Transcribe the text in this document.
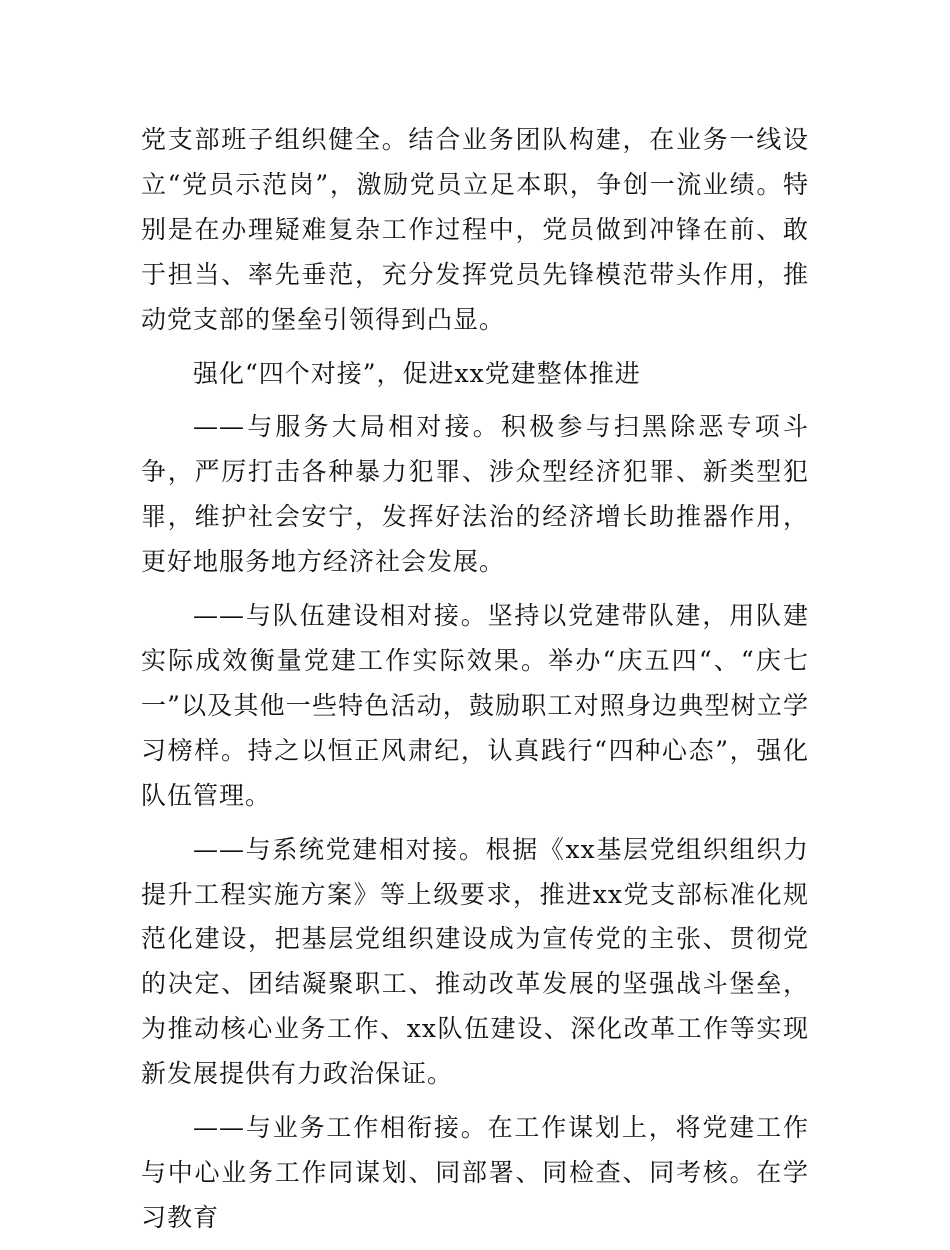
党支部班子组织健全。结合业务团队构建，在业务一线设立“党员示范岗”，激励党员立足本职，争创一流业绩。特别是在办理疑难复杂工作过程中，党员做到冲锋在前、敢于担当、率先垂范，充分发挥党员先锋模范带头作用，推动党支部的堡垒引领得到凸显。

强化“四个对接”，促进xx党建整体推进

——与服务大局相对接。积极参与扫黑除恶专项斗争，严厉打击各种暴力犯罪、涉众型经济犯罪、新类型犯罪，维护社会安宁，发挥好法治的经济增长助推器作用，更好地服务地方经济社会发展。

——与队伍建设相对接。坚持以党建带队建，用队建实际成效衡量党建工作实际效果。举办“庆五四“、“庆七一”以及其他一些特色活动，鼓励职工对照身边典型树立学习榜样。持之以恒正风肃纪，认真践行“四种心态”，强化队伍管理。

——与系统党建相对接。根据《xx基层党组织组织力提升工程实施方案》等上级要求，推进xx党支部标准化规范化建设，把基层党组织建设成为宣传党的主张、贯彻党的决定、团结凝聚职工、推动改革发展的坚强战斗堡垒，为推动核心业务工作、xx队伍建设、深化改革工作等实现新发展提供有力政治保证。

——与业务工作相衔接。在工作谋划上，将党建工作与中心业务工作同谋划、同部署、同检查、同考核。在学习教育
